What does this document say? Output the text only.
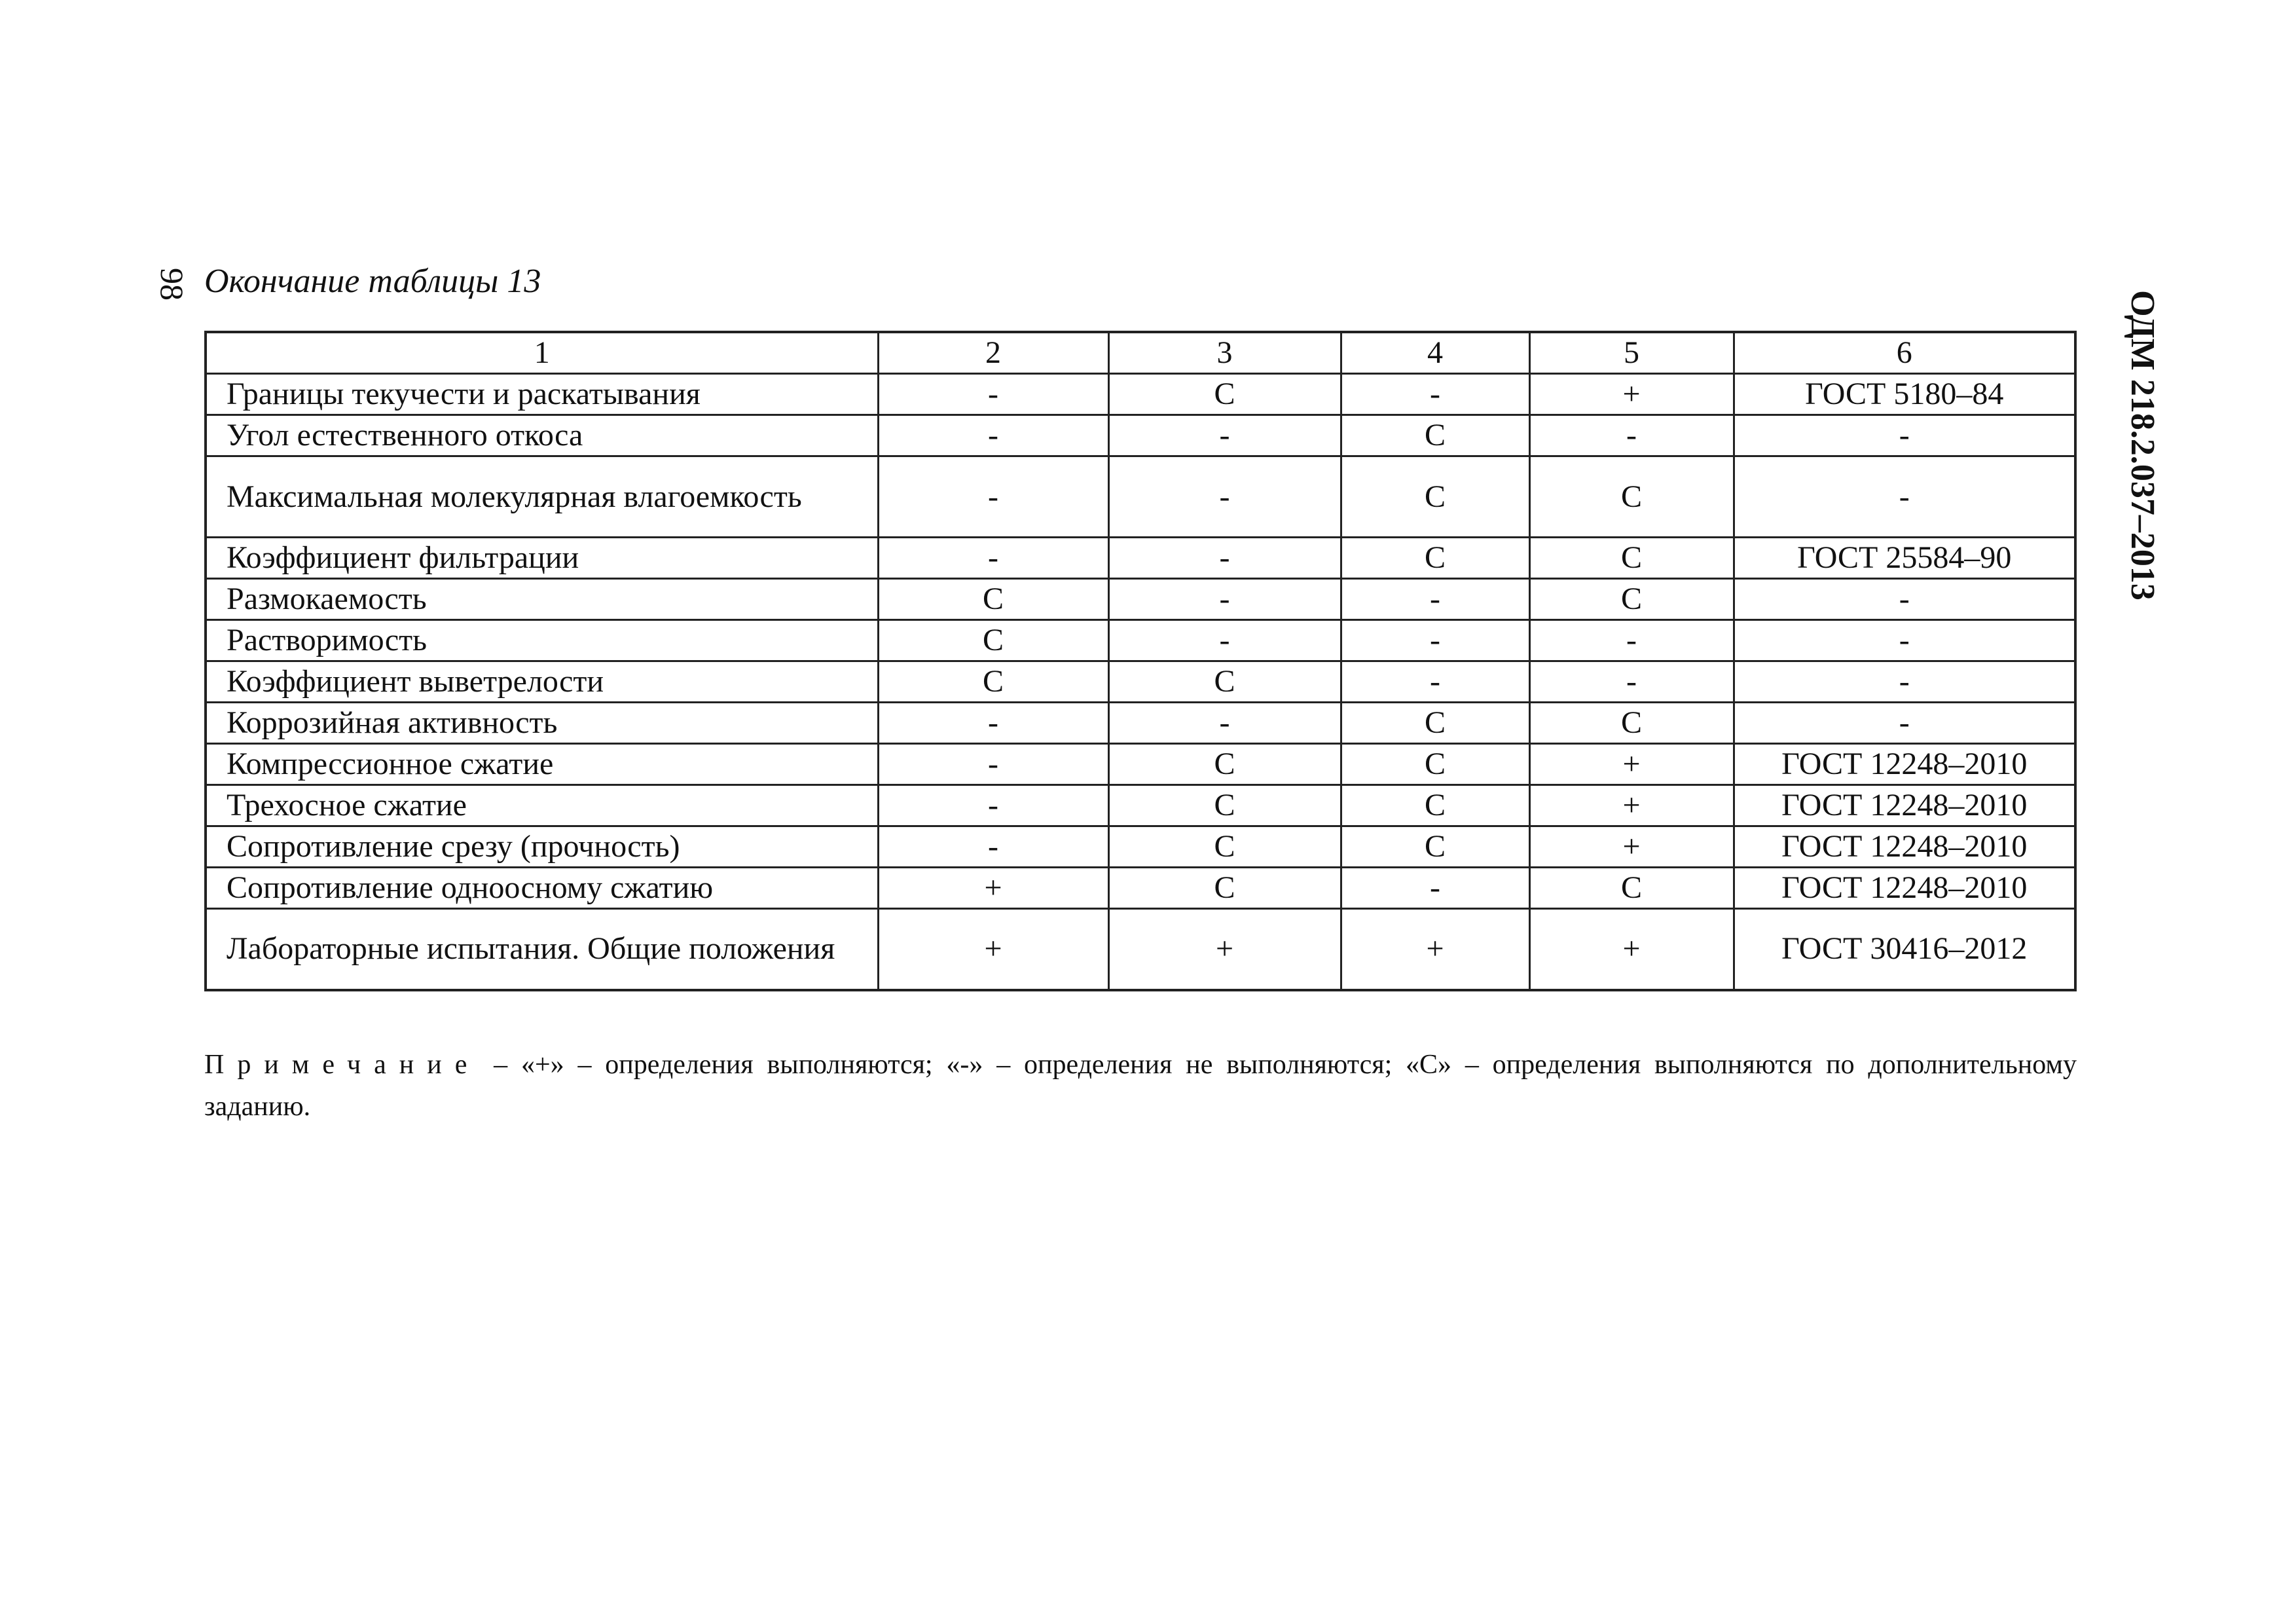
98 Окончание таблицы 13
ОДМ 218.2.037–2013
1	2	3	4	5	6
Границы текучести и раскатывания	-	С	-	+	ГОСТ 5180–84
Угол естественного откоса	-	-	С	-	-
Максимальная молекулярная влагоемкость	-	-	С	С	-
Коэффициент фильтрации	-	-	С	С	ГОСТ 25584–90
Размокаемость	С	-	-	С	-
Растворимость	С	-	-	-	-
Коэффициент выветрелости	С	С	-	-	-
Коррозийная активность	-	-	С	С	-
Компрессионное сжатие	-	С	С	+	ГОСТ 12248–2010
Трехосное сжатие	-	С	С	+	ГОСТ 12248–2010
Сопротивление срезу (прочность)	-	С	С	+	ГОСТ 12248–2010
Сопротивление одноосному сжатию	+	С	-	С	ГОСТ 12248–2010
Лабораторные испытания. Общие положения	+	+	+	+	ГОСТ 30416–2012
Примечание – «+» – определения выполняются; «-» – определения не выполняются; «С» – определения выполняются по дополнительному заданию.
